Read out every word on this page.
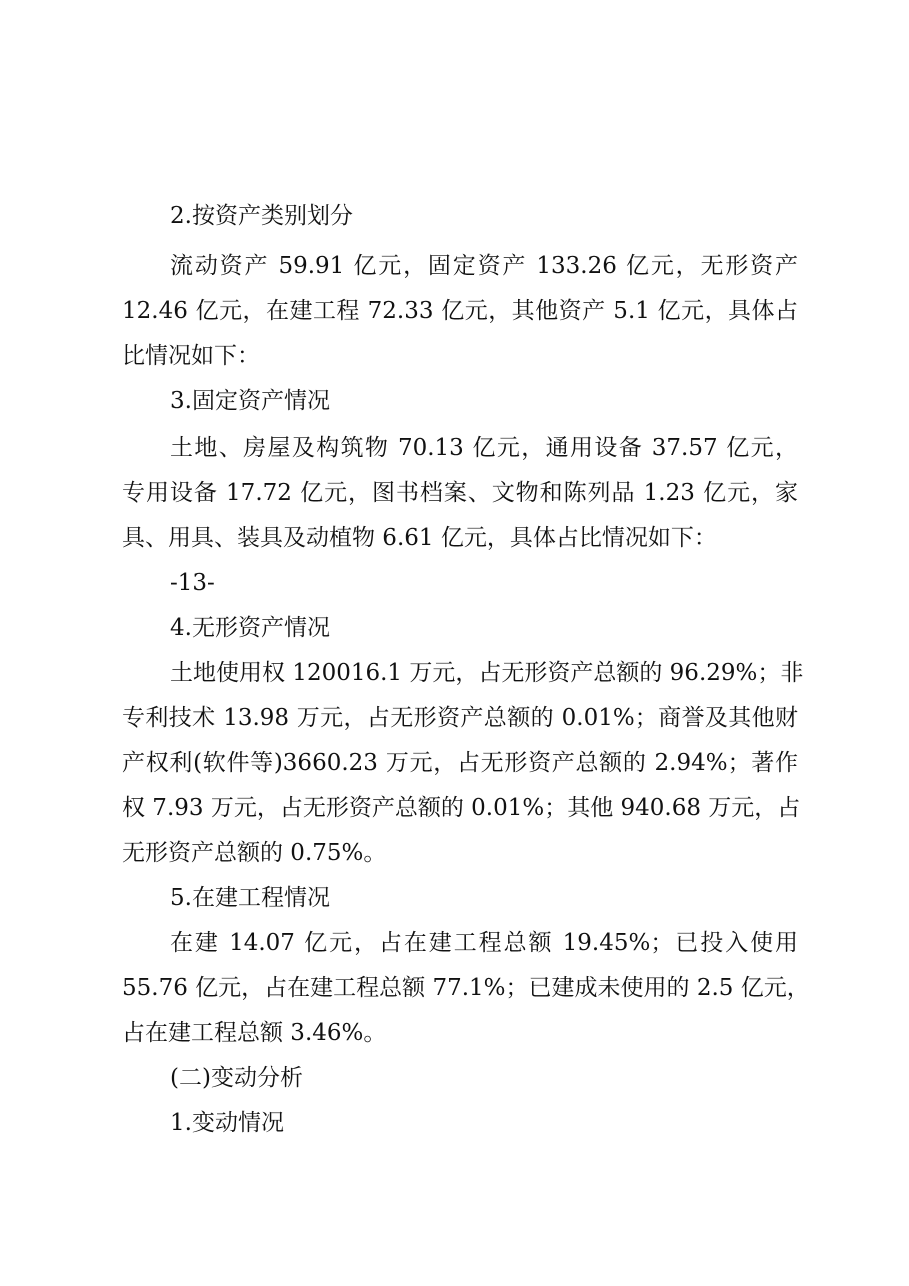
2.按资产类别划分
流动资产 59.91 亿元，固定资产 133.26 亿元，无形资产
12.46 亿元，在建工程 72.33 亿元，其他资产 5.1 亿元，具体占
比情况如下：
3.固定资产情况
土地、房屋及构筑物 70.13 亿元，通用设备 37.57 亿元，
专用设备 17.72 亿元，图书档案、文物和陈列品 1.23 亿元，家
具、用具、装具及动植物 6.61 亿元，具体占比情况如下：
-13-
4.无形资产情况
土地使用权 120016.1 万元，占无形资产总额的 96.29%；非
专利技术 13.98 万元，占无形资产总额的 0.01%；商誉及其他财
产权利(软件等)3660.23 万元，占无形资产总额的 2.94%；著作
权 7.93 万元，占无形资产总额的 0.01%；其他 940.68 万元，占
无形资产总额的 0.75%。
5.在建工程情况
在建 14.07 亿元，占在建工程总额 19.45%；已投入使用
55.76 亿元，占在建工程总额 77.1%；已建成未使用的 2.5 亿元，
占在建工程总额 3.46%。
(二)变动分析
1.变动情况
